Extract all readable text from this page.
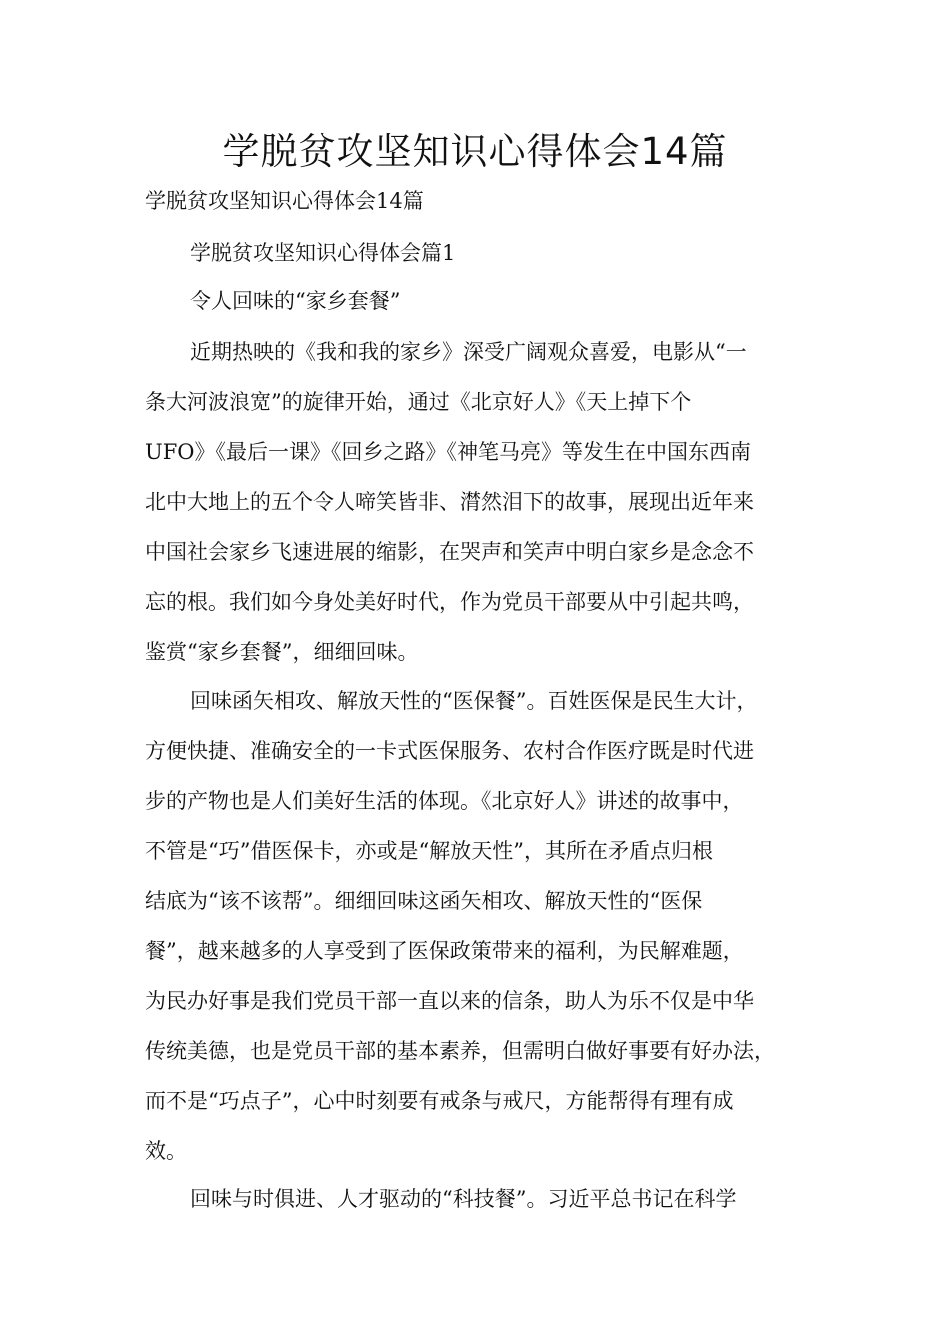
学脱贫攻坚知识心得体会14篇

学脱贫攻坚知识心得体会14篇

学脱贫攻坚知识心得体会篇1

令人回味的“家乡套餐”

近期热映的《我和我的家乡》深受广阔观众喜爱，电影从“一
条大河波浪宽”的旋律开始，通过《北京好人》《天上掉下个
UFO》《最后一课》《回乡之路》《神笔马亮》等发生在中国东西南
北中大地上的五个令人啼笑皆非、潸然泪下的故事，展现出近年来
中国社会家乡飞速进展的缩影，在哭声和笑声中明白家乡是念念不
忘的根。我们如今身处美好时代，作为党员干部要从中引起共鸣，
鉴赏“家乡套餐”，细细回味。
回味函矢相攻、解放天性的“医保餐”。百姓医保是民生大计，
方便快捷、准确安全的一卡式医保服务、农村合作医疗既是时代进
步的产物也是人们美好生活的体现。《北京好人》讲述的故事中，
不管是“巧”借医保卡，亦或是“解放天性”，其所在矛盾点归根
结底为“该不该帮”。细细回味这函矢相攻、解放天性的“医保
餐”，越来越多的人享受到了医保政策带来的福利，为民解难题，
为民办好事是我们党员干部一直以来的信条，助人为乐不仅是中华
传统美德，也是党员干部的基本素养，但需明白做好事要有好办法，
而不是“巧点子”，心中时刻要有戒条与戒尺，方能帮得有理有成
效。
回味与时俱进、人才驱动的“科技餐”。习近平总书记在科学
